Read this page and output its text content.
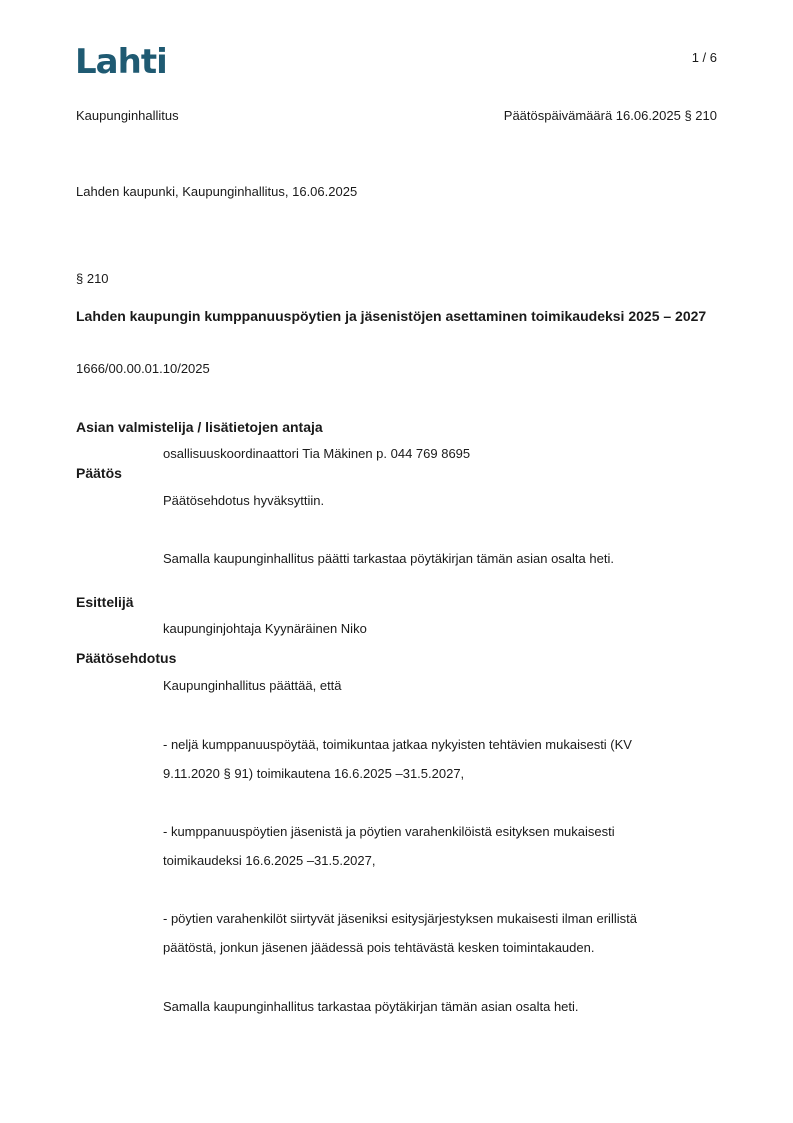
Lahti	1 / 6
Kaupunginhallitus	Päätöspäivämäärä 16.06.2025 § 210
Lahden kaupunki, Kaupunginhallitus, 16.06.2025
§ 210
Lahden kaupungin kumppanuuspöytien ja jäsenistöjen asettaminen toimikaudeksi 2025 – 2027
1666/00.00.01.10/2025
Asian valmistelija / lisätietojen antaja
osallisuuskoordinaattori Tia Mäkinen p. 044 769 8695
Päätös
Päätösehdotus hyväksyttiin.
Samalla kaupunginhallitus päätti tarkastaa pöytäkirjan tämän asian osalta heti.
Esittelijä
kaupunginjohtaja Kyynäräinen Niko
Päätösehdotus
Kaupunginhallitus päättää, että
- neljä kumppanuuspöytää, toimikuntaa jatkaa nykyisten tehtävien mukaisesti (KV
9.11.2020 § 91) toimikautena 16.6.2025 –31.5.2027,
- kumppanuuspöytien jäsenistä ja pöytien varahenkilöistä esityksen mukaisesti
toimikaudeksi 16.6.2025 –31.5.2027,
- pöytien varahenkilöt siirtyvät jäseniksi esitysjärjestyksen mukaisesti ilman erillistä
päätöstä, jonkun jäsenen jäädessä pois tehtävästä kesken toimintakauden.
Samalla kaupunginhallitus tarkastaa pöytäkirjan tämän asian osalta heti.
